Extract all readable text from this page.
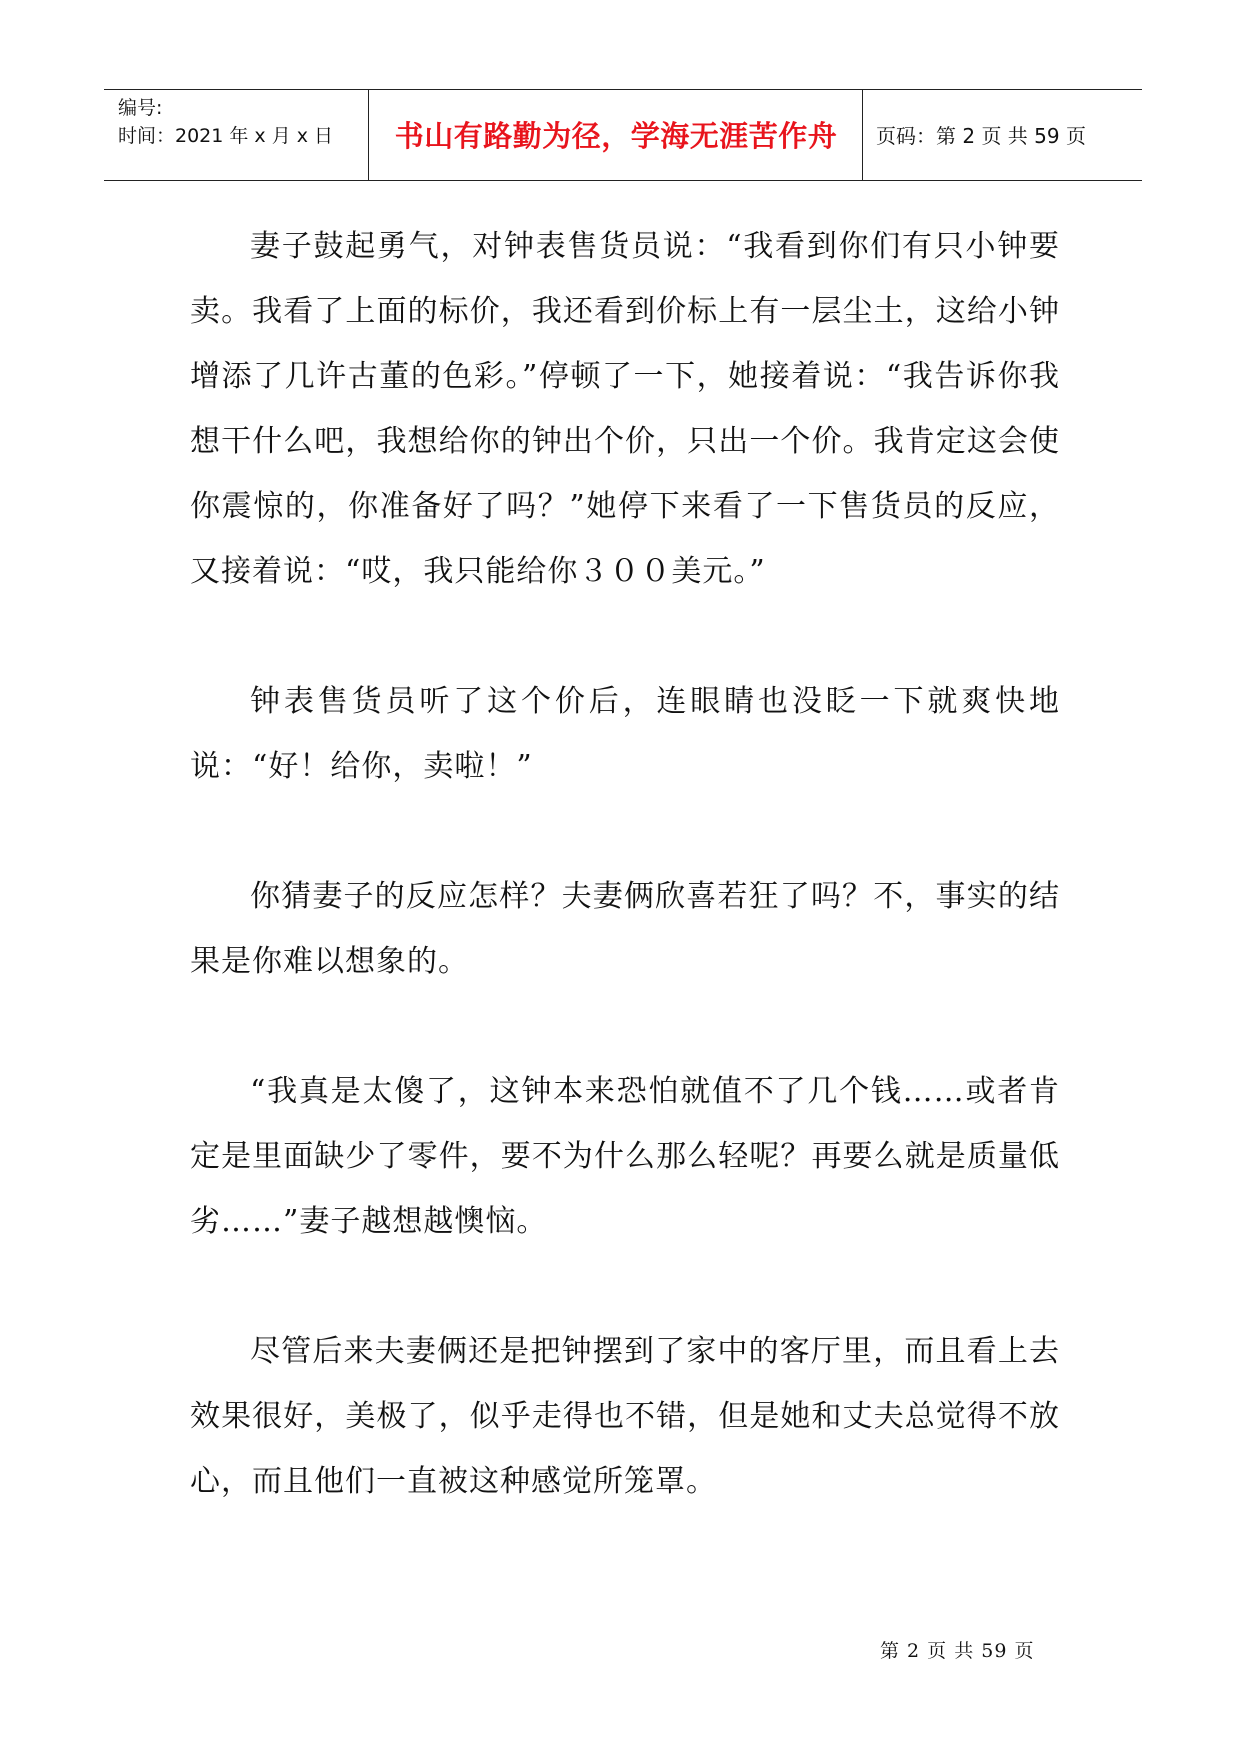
编号:
时间：2021 年 x 月 x 日	书山有路勤为径，学海无涯苦作舟	页码：第 2 页 共 59 页

妻子鼓起勇气，对钟表售货员说：“我看到你们有只小钟要卖。我看了上面的标价，我还看到价标上有一层尘土，这给小钟增添了几许古董的色彩。”停顿了一下，她接着说：“我告诉你我想干什么吧，我想给你的钟出个价，只出一个价。我肯定这会使你震惊的，你准备好了吗？”她停下来看了一下售货员的反应，又接着说：“哎，我只能给你３００美元。”

钟表售货员听了这个价后，连眼睛也没眨一下就爽快地说：“好！给你，卖啦！”

你猜妻子的反应怎样？夫妻俩欣喜若狂了吗？不，事实的结果是你难以想象的。

“我真是太傻了，这钟本来恐怕就值不了几个钱……或者肯定是里面缺少了零件，要不为什么那么轻呢？再要么就是质量低劣……”妻子越想越懊恼。

尽管后来夫妻俩还是把钟摆到了家中的客厅里，而且看上去效果很好，美极了，似乎走得也不错，但是她和丈夫总觉得不放心，而且他们一直被这种感觉所笼罩。

第 2 页 共 59 页
